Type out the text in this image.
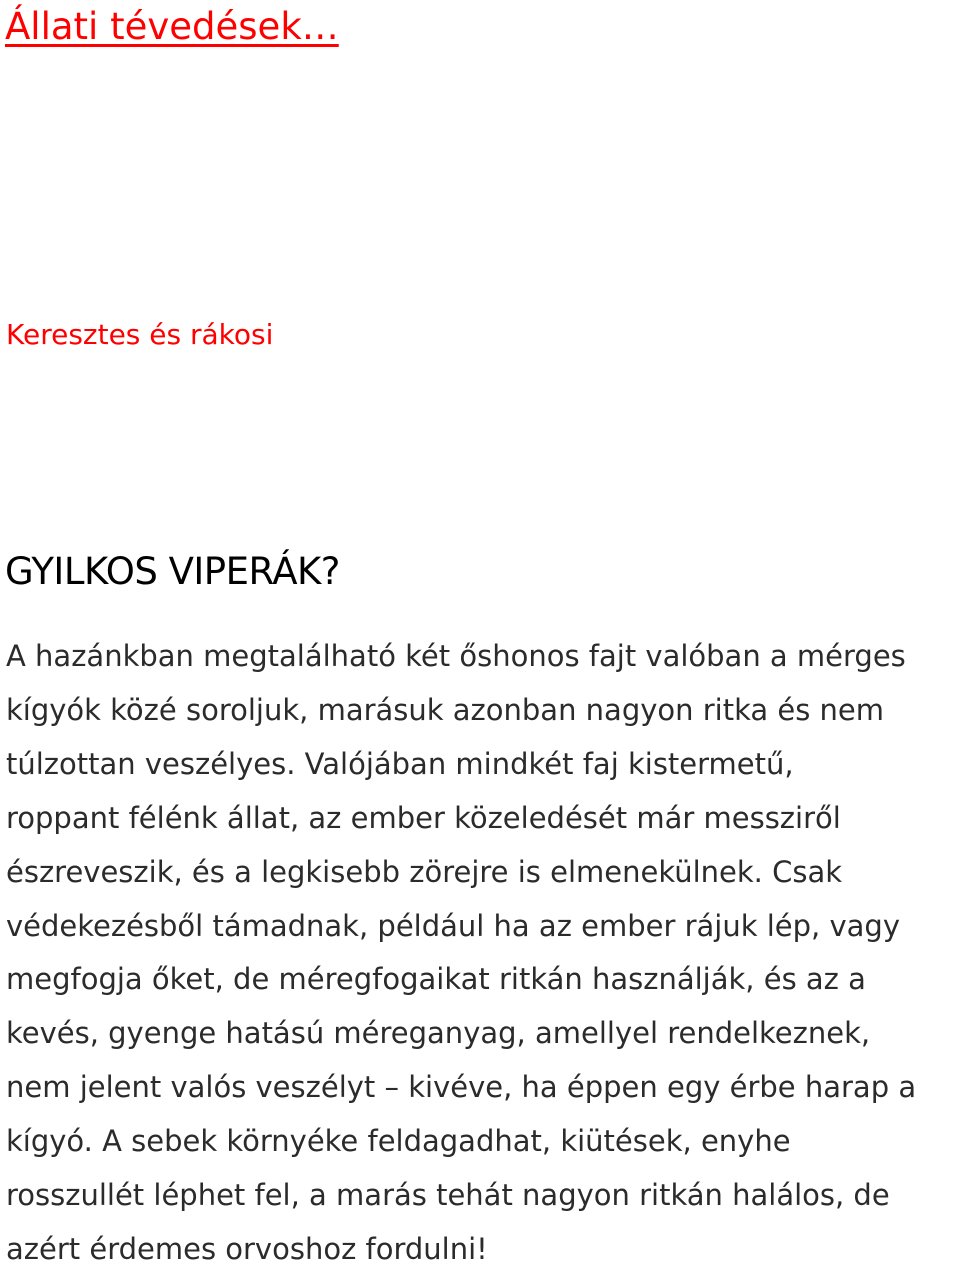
Állati tévedések…

Keresztes és rákosi

GYILKOS VIPERÁK?

A hazánkban megtalálható két őshonos fajt valóban a mérges
kígyók közé soroljuk, marásuk azonban nagyon ritka és nem
túlzottan veszélyes. Valójában mindkét faj kistermetű,
roppant félénk állat, az ember közeledését már messziről
észreveszik, és a legkisebb zörejre is elmenekülnek. Csak
védekezésből támadnak, például ha az ember rájuk lép, vagy
megfogja őket, de méregfogaikat ritkán használják, és az a
kevés, gyenge hatású méreganyag, amellyel rendelkeznek,
nem jelent valós veszélyt – kivéve, ha éppen egy érbe harap a
kígyó. A sebek környéke feldagadhat, kiütések, enyhe
rosszullét léphet fel, a marás tehát nagyon ritkán halálos, de
azért érdemes orvoshoz fordulni!
